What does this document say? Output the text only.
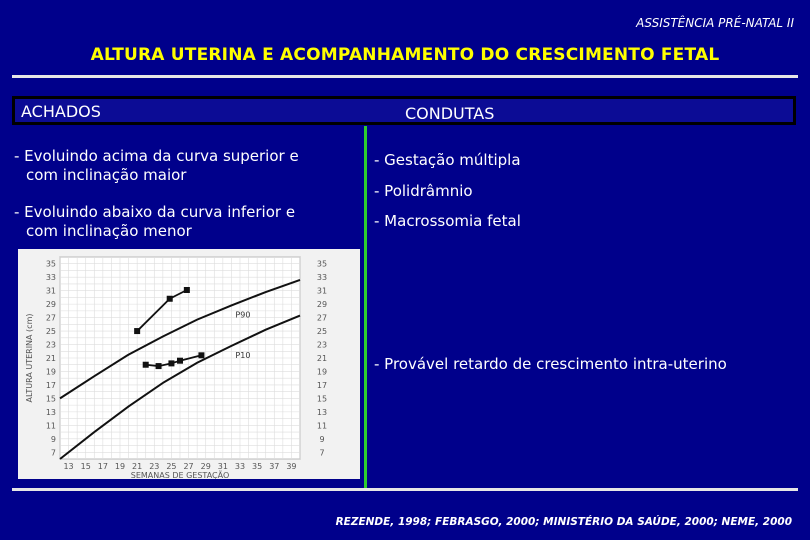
ASSISTÊNCIA PRÉ-NATAL II
ALTURA UTERINA E ACOMPANHAMENTO DO CRESCIMENTO FETAL
ACHADOS	CONDUTAS
- Evoluindo acima da curva superior e
com inclinação maior
- Evoluindo abaixo da curva inferior e
com inclinação menor
- Gestação múltipla
- Polidrâmnio
- Macrossomia fetal
- Provável retardo de crescimento intra-uterino
13 15 17 19 21 23 25 27 29 31 33 35 37 39
7	7
9	9
11	11
13	13
15	15
17	17
19	19
21	21
23	23
25	25
27	27
29	29
31	31
33	33
35	35
SEMANAS DE GESTAÇÃO
ALTURA UTERINA (cm)	P90
P10
REZENDE, 1998; FEBRASGO, 2000; MINISTÉRIO DA SAÚDE, 2000; NEME, 2000
